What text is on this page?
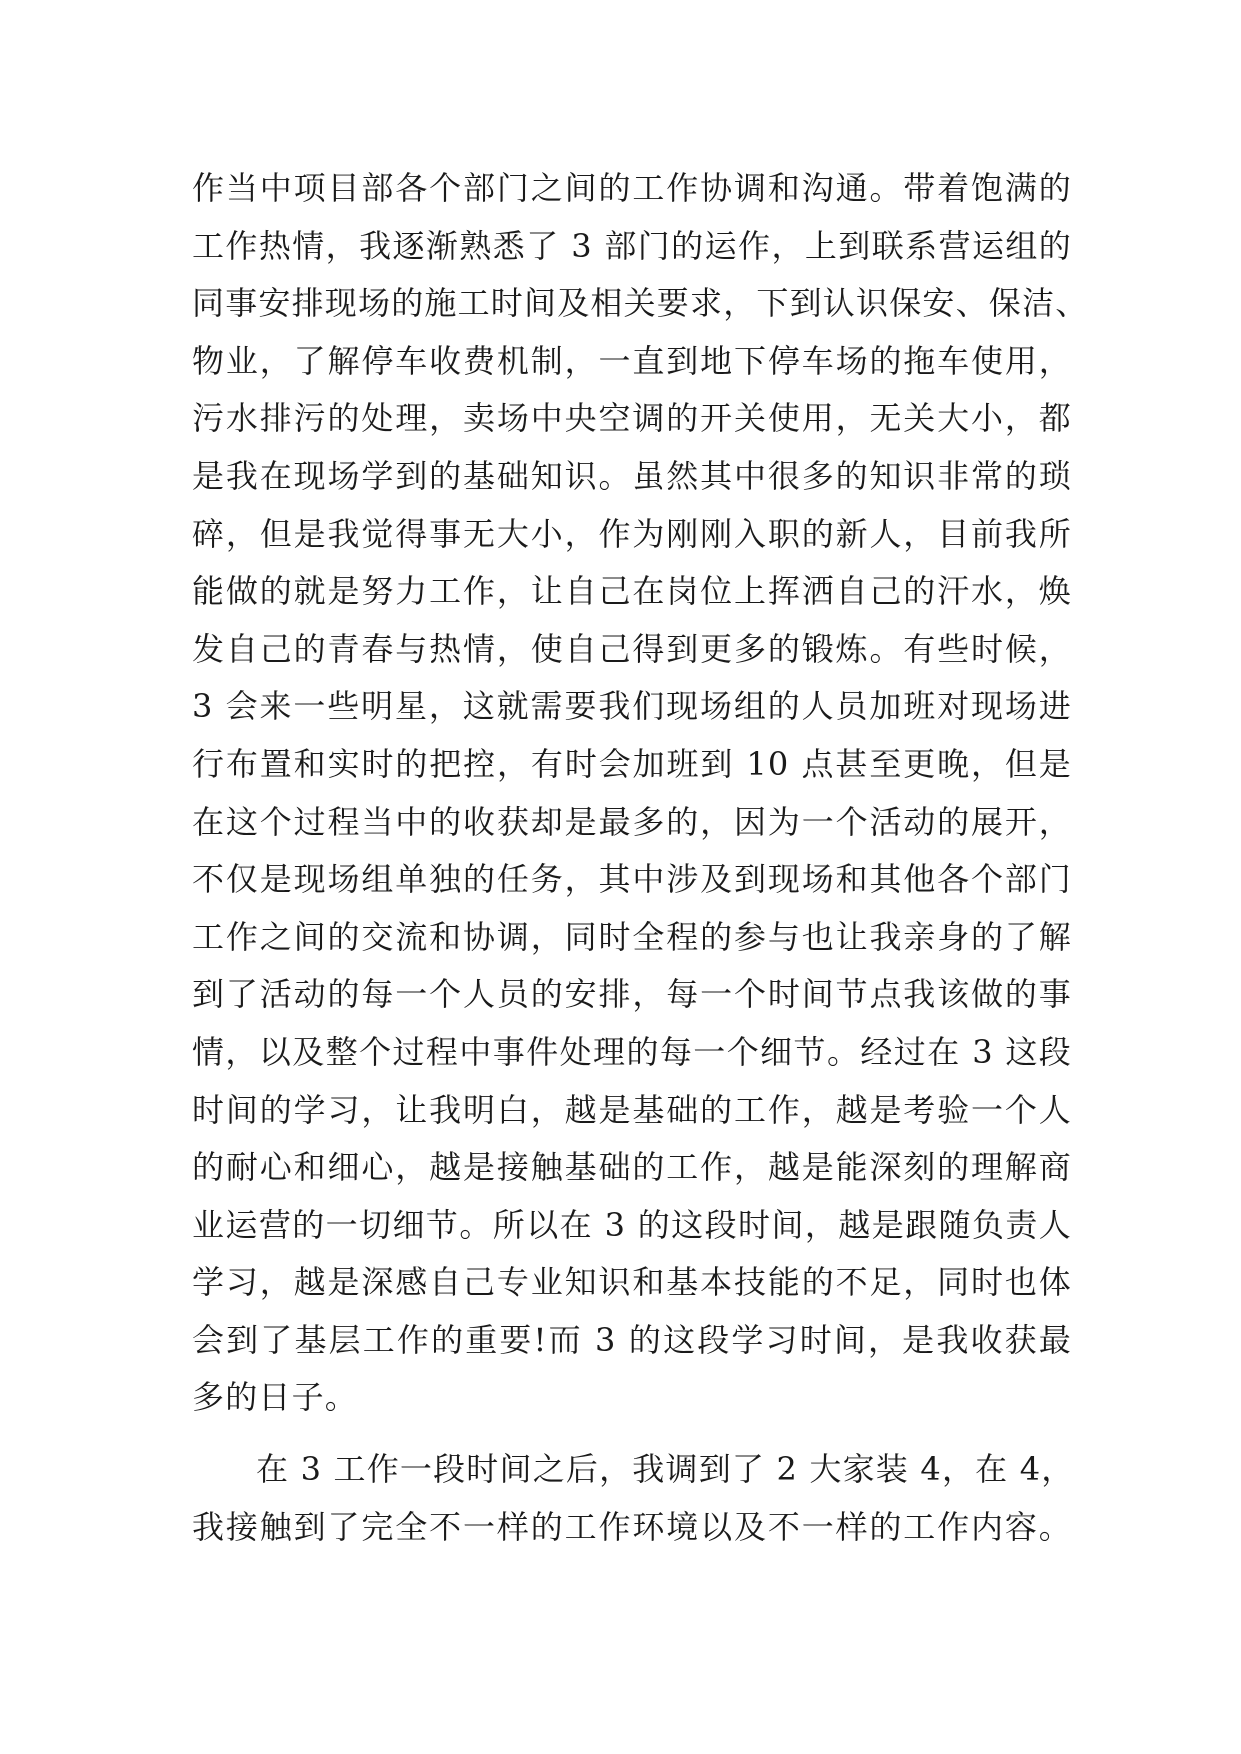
作当中项目部各个部门之间的工作协调和沟通。带着饱满的
工作热情，我逐渐熟悉了 3 部门的运作，上到联系营运组的
同事安排现场的施工时间及相关要求，下到认识保安、保洁、
物业，了解停车收费机制，一直到地下停车场的拖车使用，
污水排污的处理，卖场中央空调的开关使用，无关大小，都
是我在现场学到的基础知识。虽然其中很多的知识非常的琐
碎，但是我觉得事无大小，作为刚刚入职的新人，目前我所
能做的就是努力工作，让自己在岗位上挥洒自己的汗水，焕
发自己的青春与热情，使自己得到更多的锻炼。有些时候，
3 会来一些明星，这就需要我们现场组的人员加班对现场进
行布置和实时的把控，有时会加班到 10 点甚至更晚，但是
在这个过程当中的收获却是最多的，因为一个活动的展开，
不仅是现场组单独的任务，其中涉及到现场和其他各个部门
工作之间的交流和协调，同时全程的参与也让我亲身的了解
到了活动的每一个人员的安排，每一个时间节点我该做的事
情，以及整个过程中事件处理的每一个细节。经过在 3 这段
时间的学习，让我明白，越是基础的工作，越是考验一个人
的耐心和细心，越是接触基础的工作，越是能深刻的理解商
业运营的一切细节。所以在 3 的这段时间，越是跟随负责人
学习，越是深感自己专业知识和基本技能的不足，同时也体
会到了基层工作的重要!而 3 的这段学习时间，是我收获最
多的日子。
在 3 工作一段时间之后，我调到了 2 大家装 4，在 4，
我接触到了完全不一样的工作环境以及不一样的工作内容。
